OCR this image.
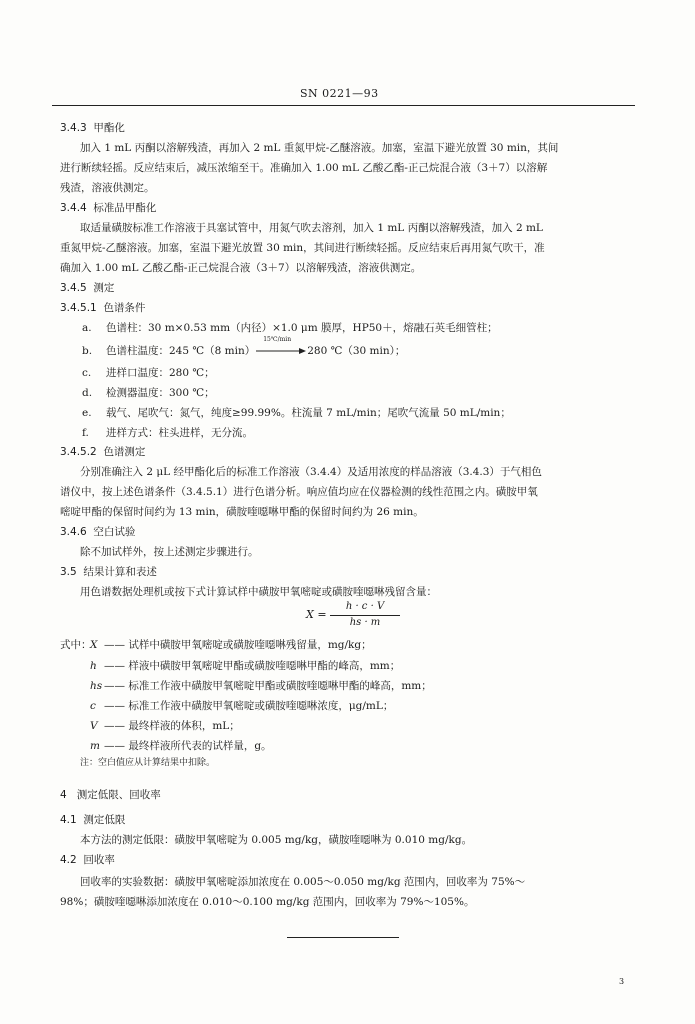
SN 0221—93
3.4.3 甲酯化
加入 1 mL 丙酮以溶解残渣，再加入 2 mL 重氮甲烷-乙醚溶液。加塞，室温下避光放置 30 min，其间
进行断续轻摇。反应结束后，减压浓缩至干。准确加入 1.00 mL 乙酸乙酯-正己烷混合液（3＋7）以溶解
残渣，溶液供测定。
3.4.4 标准品甲酯化
取适量磺胺标准工作溶液于具塞试管中，用氮气吹去溶剂，加入 1 mL 丙酮以溶解残渣，加入 2 mL
重氮甲烷-乙醚溶液。加塞，室温下避光放置 30 min，其间进行断续轻摇。反应结束后再用氮气吹干，准
确加入 1.00 mL 乙酸乙酯-正己烷混合液（3＋7）以溶解残渣，溶液供测定。
3.4.5 测定
3.4.5.1 色谱条件
a. 色谱柱：30 m×0.53 mm（内径）×1.0 μm 膜厚，HP50＋，熔融石英毛细管柱；
b. 色谱柱温度：245 ℃（8 min）
15℃/min
280 ℃（30 min）；
c. 进样口温度：280 ℃；
d. 检测器温度：300 ℃；
e. 载气、尾吹气：氮气，纯度≥99.99%。柱流量 7 mL/min；尾吹气流量 50 mL/min；
f. 进样方式：柱头进样，无分流。
3.4.5.2 色谱测定
分别准确注入 2 μL 经甲酯化后的标准工作溶液（3.4.4）及适用浓度的样品溶液（3.4.3）于气相色
谱仪中，按上述色谱条件（3.4.5.1）进行色谱分析。响应值均应在仪器检测的线性范围之内。磺胺甲氧
嘧啶甲酯的保留时间约为 13 min，磺胺喹噁啉甲酯的保留时间约为 26 min。
3.4.6 空白试验
除不加试样外，按上述测定步骤进行。
3.5 结果计算和表述
用色谱数据处理机或按下式计算试样中磺胺甲氧嘧啶或磺胺喹噁啉残留含量：
X =
h · c · V
hs · m
式中：
X —— 试样中磺胺甲氧嘧啶或磺胺喹噁啉残留量，mg/kg；
h —— 样液中磺胺甲氧嘧啶甲酯或磺胺喹噁啉甲酯的峰高，mm；
hs —— 标准工作液中磺胺甲氧嘧啶甲酯或磺胺喹噁啉甲酯的峰高，mm；
c —— 标准工作液中磺胺甲氧嘧啶或磺胺喹噁啉浓度，μg/mL；
V —— 最终样液的体积，mL；
m —— 最终样液所代表的试样量，g。
注：空白值应从计算结果中扣除。
4 测定低限、回收率
4.1 测定低限
本方法的测定低限：磺胺甲氧嘧啶为 0.005 mg/kg，磺胺喹噁啉为 0.010 mg/kg。
4.2 回收率
回收率的实验数据：磺胺甲氧嘧啶添加浓度在 0.005～0.050 mg/kg 范围内，回收率为 75%～
98%；磺胺喹噁啉添加浓度在 0.010～0.100 mg/kg 范围内，回收率为 79%～105%。
3
